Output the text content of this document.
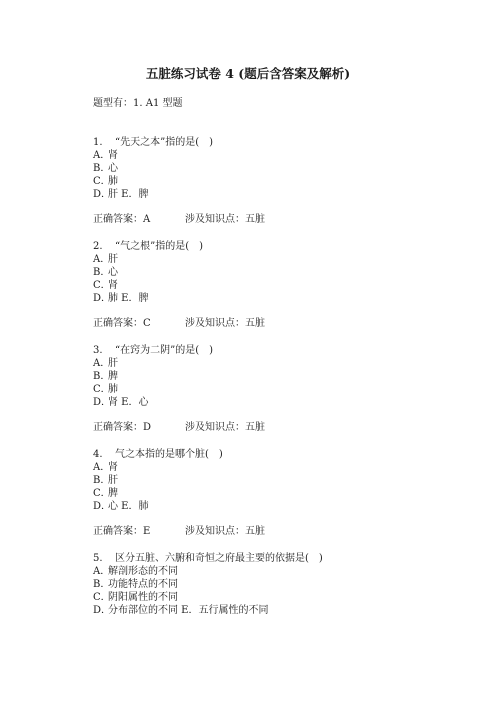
五脏练习试卷 4 (题后含答案及解析)
题型有：1. A1 型题
1. “先天之本”指的是(　)
A．肾
B．心
C．肺
D．肝 E．脾
正确答案：A	涉及知识点：五脏
2. “气之根”指的是(　)
A．肝
B．心
C．肾
D．肺 E．脾
正确答案：C	涉及知识点：五脏
3. “在窍为二阴”的是(　)
A．肝
B．脾
C．肺
D．肾 E．心
正确答案：D	涉及知识点：五脏
4. 气之本指的是哪个脏(　)
A．肾
B．肝
C．脾
D．心 E．肺
正确答案：E	涉及知识点：五脏
5. 区分五脏、六腑和奇恒之府最主要的依据是(　)
A．解剖形态的不同
B．功能特点的不同
C．阴阳属性的不同
D．分布部位的不同 E．五行属性的不同
